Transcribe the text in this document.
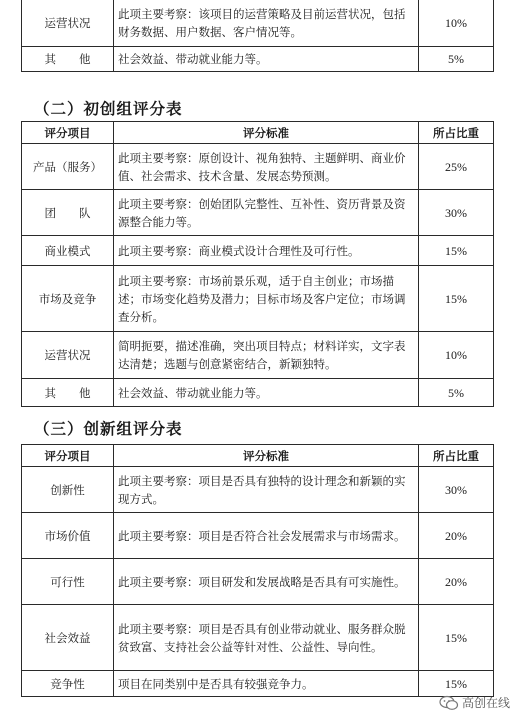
运营状况	此项主要考察：该项目的运营策略及目前运营状况，包括财务数据、用户数据、客户情况等。	10%
其　　他	社会效益、带动就业能力等。	5%
（二）初创组评分表
评分项目	评分标准	所占比重
产品（服务）	此项主要考察：原创设计、视角独特、主题鲜明、商业价值、社会需求、技术含量、发展态势预测。	25%
团　　队	此项主要考察：创始团队完整性、互补性、资历背景及资源整合能力等。	30%
商业模式	此项主要考察：商业模式设计合理性及可行性。	15%
市场及竞争	此项主要考察：市场前景乐观，适于自主创业；市场描述；市场变化趋势及潜力；目标市场及客户定位；市场调查分析。	15%
运营状况	简明扼要，描述准确，突出项目特点；材料详实，文字表达清楚；选题与创意紧密结合，新颖独特。	10%
其　　他	社会效益、带动就业能力等。	5%
（三）创新组评分表
评分项目	评分标准	所占比重
创新性	此项主要考察：项目是否具有独特的设计理念和新颖的实现方式。	30%
市场价值	此项主要考察：项目是否符合社会发展需求与市场需求。	20%
可行性	此项主要考察：项目研发和发展战略是否具有可实施性。	20%
社会效益	此项主要考察：项目是否具有创业带动就业、服务群众脱贫致富、支持社会公益等针对性、公益性、导向性。	15%
竞争性	项目在同类别中是否具有较强竞争力。	15%
高创在线
